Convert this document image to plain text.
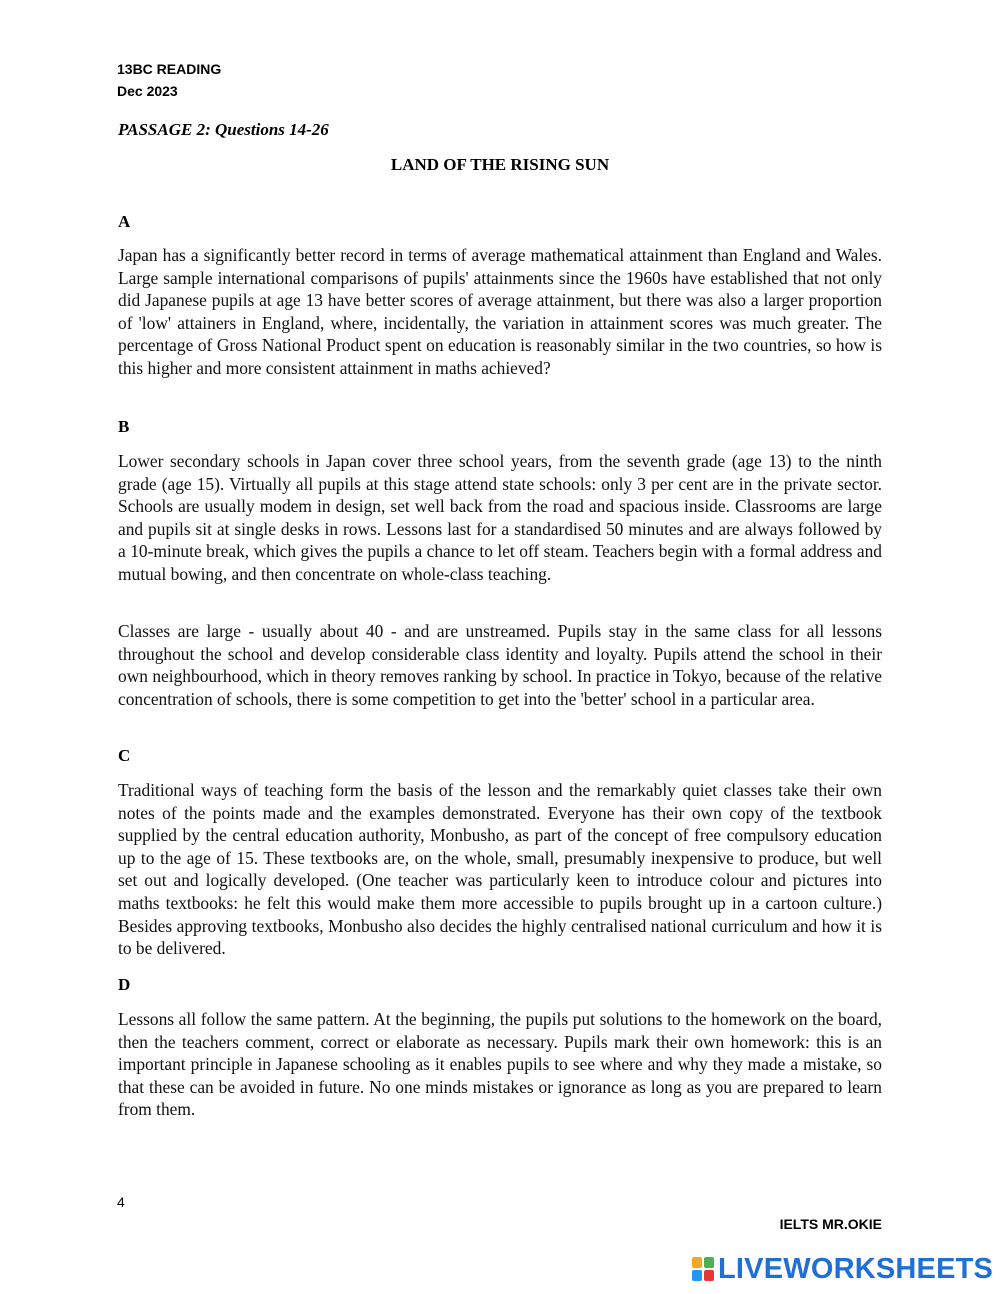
13BC READING
Dec 2023
PASSAGE 2: Questions 14-26
LAND OF THE RISING SUN
A

Japan has a significantly better record in terms of average mathematical attainment than England and Wales. Large sample international comparisons of pupils' attainments since the 1960s have established that not only did Japanese pupils at age 13 have better scores of average attainment, but there was also a larger proportion of 'low' attainers in England, where, incidentally, the variation in attainment scores was much greater. The percentage of Gross National Product spent on education is reasonably similar in the two countries, so how is this higher and more consistent attainment in maths achieved?

B

Lower secondary schools in Japan cover three school years, from the seventh grade (age 13) to the ninth grade (age 15). Virtually all pupils at this stage attend state schools: only 3 per cent are in the private sector. Schools are usually modem in design, set well back from the road and spacious inside. Classrooms are large and pupils sit at single desks in rows. Lessons last for a standardised 50 minutes and are always followed by a 10-minute break, which gives the pupils a chance to let off steam. Teachers begin with a formal address and mutual bowing, and then concentrate on whole-class teaching.

Classes are large - usually about 40 - and are unstreamed. Pupils stay in the same class for all lessons throughout the school and develop considerable class identity and loyalty. Pupils attend the school in their own neighbourhood, which in theory removes ranking by school. In practice in Tokyo, because of the relative concentration of schools, there is some competition to get into the 'better' school in a particular area.

C

Traditional ways of teaching form the basis of the lesson and the remarkably quiet classes take their own notes of the points made and the examples demonstrated. Everyone has their own copy of the textbook supplied by the central education authority, Monbusho, as part of the concept of free compulsory education up to the age of 15. These textbooks are, on the whole, small, presumably inexpensive to produce, but well set out and logically developed. (One teacher was particularly keen to introduce colour and pictures into maths textbooks: he felt this would make them more accessible to pupils brought up in a cartoon culture.) Besides approving textbooks, Monbusho also decides the highly centralised national curriculum and how it is to be delivered.

D

Lessons all follow the same pattern. At the beginning, the pupils put solutions to the homework on the board, then the teachers comment, correct or elaborate as necessary. Pupils mark their own homework: this is an important principle in Japanese schooling as it enables pupils to see where and why they made a mistake, so that these can be avoided in future. No one minds mistakes or ignorance as long as you are prepared to learn from them.

4
IELTS MR.OKIE
LIVEWORKSHEETS
